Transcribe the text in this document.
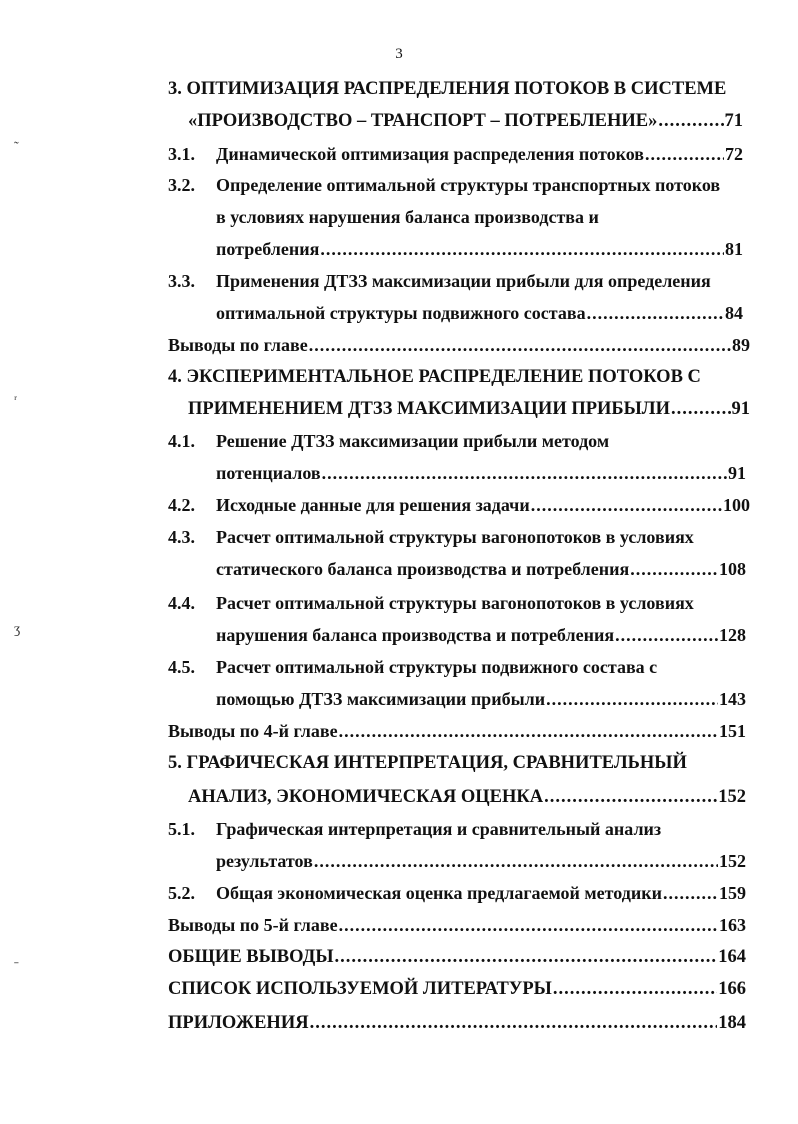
3
˜
ᵣ
ʒ
ˉ
3. ОПТИМИЗАЦИЯ РАСПРЕДЕЛЕНИЯ ПОТОКОВ В СИСТЕМЕ
«ПРОИЗВОДСТВО – ТРАНСПОРТ – ПОТРЕБЛЕНИЕ» .....	71
3.1.	Динамической оптимизация распределения потоков .....	72
3.2.	Определение оптимальной структуры транспортных потоков
в условиях нарушения баланса производства и
потребления .....	81
3.3.	Применения ДТЗЗ максимизации прибыли для определения
оптимальной структуры подвижного состава .....	84
Выводы по главе .....	89
4. ЭКСПЕРИМЕНТАЛЬНОЕ РАСПРЕДЕЛЕНИЕ ПОТОКОВ С
ПРИМЕНЕНИЕМ ДТЗЗ МАКСИМИЗАЦИИ ПРИБЫЛИ .....	91
4.1.	Решение ДТЗЗ максимизации прибыли методом
потенциалов .....	91
4.2.	Исходные данные для решения задачи .....	100
4.3.	Расчет оптимальной структуры вагонопотоков в условиях
статического баланса производства и потребления .....	108
4.4.	Расчет оптимальной структуры вагонопотоков в условиях
нарушения баланса производства и потребления .....	128
4.5.	Расчет оптимальной структуры подвижного состава с
помощью ДТЗЗ максимизации прибыли .....	143
Выводы по 4-й главе .....	151
5. ГРАФИЧЕСКАЯ ИНТЕРПРЕТАЦИЯ, СРАВНИТЕЛЬНЫЙ
АНАЛИЗ, ЭКОНОМИЧЕСКАЯ ОЦЕНКА .....	152
5.1.	Графическая интерпретация и сравнительный анализ
результатов .....	152
5.2.	Общая экономическая оценка предлагаемой методики .....	159
Выводы по 5-й главе .....	163
ОБЩИЕ ВЫВОДЫ .....	164
СПИСОК ИСПОЛЬЗУЕМОЙ ЛИТЕРАТУРЫ .....	166
ПРИЛОЖЕНИЯ .....	184
